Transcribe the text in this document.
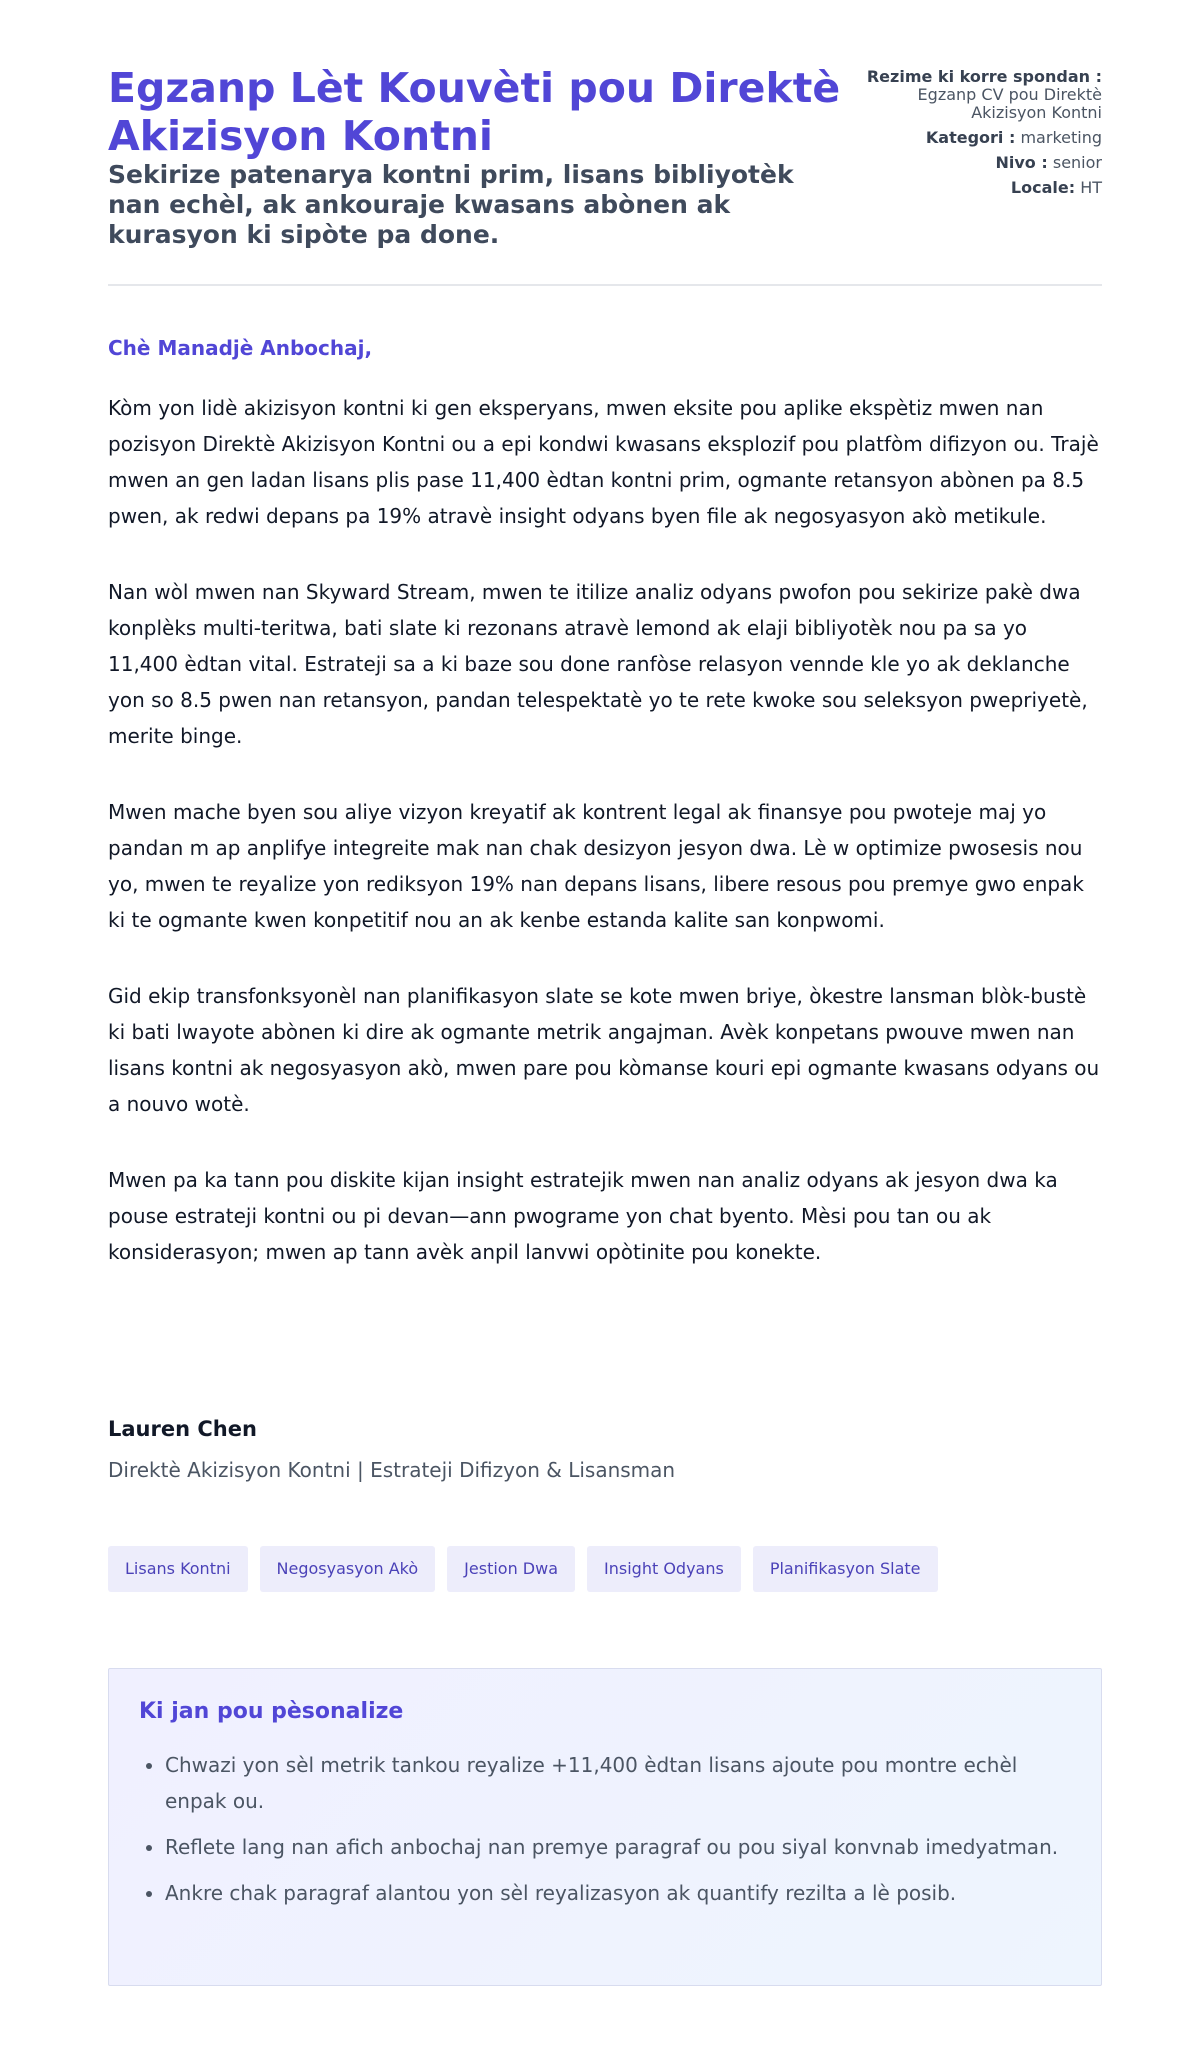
Egzanp Lèt Kouvèti pou Direktè Akizisyon Kontni
Sekirize patenarya kontni prim, lisans bibliyotèk nan echèl, ak ankouraje kwasans abònen ak kurasyon ki sipòte pa done.
Rezime ki korre spondan : Egzanp CV pou Direktè Akizisyon Kontni
Kategori : marketing
Nivo : senior
Locale: HT
Chè Manadjè Anbochaj,

Kòm yon lidè akizisyon kontni ki gen eksperyans, mwen eksite pou aplike ekspètiz mwen nan pozisyon Direktè Akizisyon Kontni ou a epi kondwi kwasans eksplozif pou platfòm difizyon ou. Trajè mwen an gen ladan lisans plis pase 11,400 èdtan kontni prim, ogmante retansyon abònen pa 8.5 pwen, ak redwi depans pa 19% atravè insight odyans byen file ak negosyasyon akò metikule.

Nan wòl mwen nan Skyward Stream, mwen te itilize analiz odyans pwofon pou sekirize pakè dwa konplèks multi-teritwa, bati slate ki rezonans atravè lemond ak elaji bibliyotèk nou pa sa yo 11,400 èdtan vital. Estrateji sa a ki baze sou done ranfòse relasyon vennde kle yo ak deklanche yon so 8.5 pwen nan retansyon, pandan telespektatè yo te rete kwoke sou seleksyon pwepriyetè, merite binge.

Mwen mache byen sou aliye vizyon kreyatif ak kontrent legal ak finansye pou pwoteje maj yo pandan m ap anplifye integreite mak nan chak desizyon jesyon dwa. Lè w optimize pwosesis nou yo, mwen te reyalize yon rediksyon 19% nan depans lisans, libere resous pou premye gwo enpak ki te ogmante kwen konpetitif nou an ak kenbe estanda kalite san konpwomi.

Gid ekip transfonksyonèl nan planifikasyon slate se kote mwen briye, òkestre lansman blòk-bustè ki bati lwayote abònen ki dire ak ogmante metrik angajman. Avèk konpetans pwouve mwen nan lisans kontni ak negosyasyon akò, mwen pare pou kòmanse kouri epi ogmante kwasans odyans ou a nouvo wotè.

Mwen pa ka tann pou diskite kijan insight estratejik mwen nan analiz odyans ak jesyon dwa ka pouse estrateji kontni ou pi devan—ann pwograme yon chat byento. Mèsi pou tan ou ak konsiderasyon; mwen ap tann avèk anpil lanvwi opòtinite pou konekte.

Lauren Chen
Direktè Akizisyon Kontni | Estrateji Difizyon & Lisansman
Lisans Kontni	Negosyasyon Akò	Jestion Dwa	Insight Odyans	Planifikasyon Slate
Ki jan pou pèsonalize
• Chwazi yon sèl metrik tankou reyalize +11,400 èdtan lisans ajoute pou montre echèl enpak ou.
• Reflete lang nan afich anbochaj nan premye paragraf ou pou siyal konvnab imedyatman.
• Ankre chak paragraf alantou yon sèl reyalizasyon ak quantify rezilta a lè posib.
